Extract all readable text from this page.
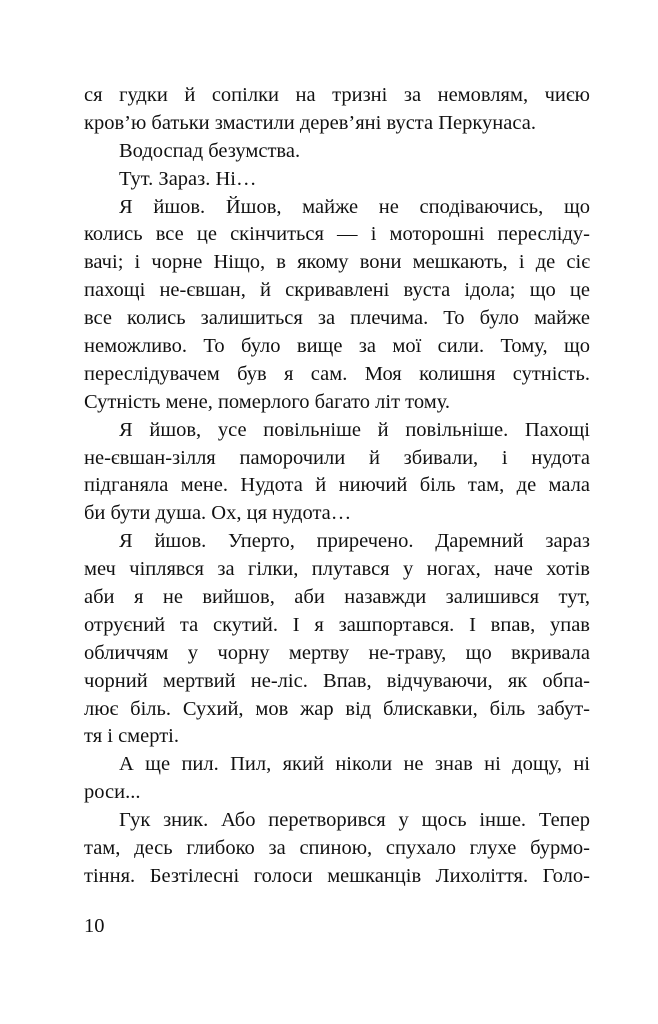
ся гудки й сопілки на тризні за немовлям, чиєю
кров’ю батьки змастили дерев’яні вуста Перкунаса.
Водоспад безумства.
Тут. Зараз. Ні…
Я йшов. Йшов, майже не сподіваючись, що
колись все це скінчиться — і моторошні пересліду-
вачі; і чорне Ніщо, в якому вони мешкають, і де сіє
пахощі не-євшан, й скривавлені вуста ідола; що це
все колись залишиться за плечима. То було майже
неможливо. То було вище за мої сили. Тому, що
переслідувачем був я сам. Моя колишня сутність.
Сутність мене, померлого багато літ тому.
Я йшов, усе повільніше й повільніше. Пахощі
не-євшан-зілля паморочили й збивали, і нудота
підганяла мене. Нудота й ниючий біль там, де мала
би бути душа. Ох, ця нудота…
Я йшов. Уперто, приречено. Даремний зараз
меч чіплявся за гілки, плутався у ногах, наче хотів
аби я не вийшов, аби назавжди залишився тут,
отруєний та скутий. І я зашпортався. І впав, упав
обличчям у чорну мертву не-траву, що вкривала
чорний мертвий не-ліс. Впав, відчуваючи, як обпа-
лює біль. Сухий, мов жар від блискавки, біль забут-
тя і смерті.
А ще пил. Пил, який ніколи не знав ні дощу, ні
роси...
Гук зник. Або перетворився у щось інше. Тепер
там, десь глибоко за спиною, спухало глухе бурмо-
тіння. Безтілесні голоси мешканців Лихоліття. Голо-
10
